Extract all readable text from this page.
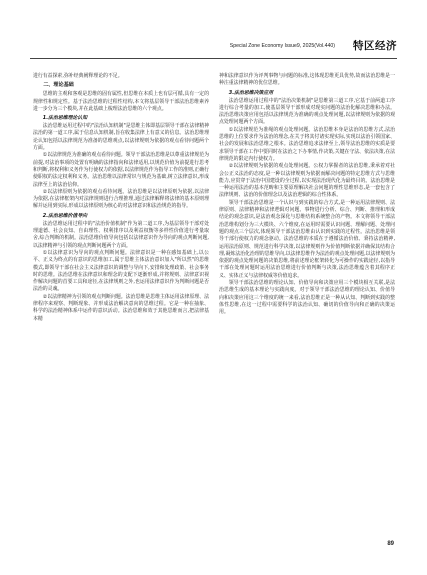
Special Zone Economy Issue9, 2025(Vol.440) 特区经济

进行有益探索,弥补经典阐释理论的不足。

二、理论基础

思维的主观和客观是思维的固有属性,但思维在本质上也有层可循,具有一定的规律性和规定性。基于法治思维的过程性结构,本文将基层领导干部法治思维素养进一步分为三个模块,并在此基础上梳理法治思维的六个观点。

1.法治思维理论认知

法治思维运用过程中的"法治认知机制"是思维主体即基层领导干部在法律精神法治的第一道工序,属于信息认知机制,旨在收集法律上有意义的信息。法治思维理论认知包括以法律规范为准备的思维观点,以法律规则为依据的观点看待问题两个方面。

①以法律规范为准确的观点看待问题。领导干部法治思维是以尊重法律规范为前提,对法治事项的处置有明确的法律指向和法律适用,以规范价值为前提进行思考和判断,将权利和义务作为行使权力的依据,以法律规范作为指导工作的准则,正确行使职权的法定权利和义务。法治思维以法律常识与规范为基础,树立法律意识,形成法律至上的法治信仰。

②以法律原则为依据的观点看待问题。法治思维是以法律原则为依据,以法律为依据,在法律框架内对法律规则进行合理推理,通过法律解释将法律的基本原则理解并运用到实际,形成以法律原则为核心的对法律意识和法治规范的指导。

2.法治思维价值导向

法治思维运用过程中的"法治价值机制"作为第二道工序,为基层领导干部对处理道德、社会良知、自由理性、权利排序以及利益权衡等多样性价值进行考量取舍,综合判断的机制。法治思维价值导向包括以法律意识作为导向的观点判断问题,以法律精神与引领的观点判断问题两个方面。

①以法律意识为导向的观点判断问题。法律意识是一种在感知基础上,以公平、正义为终点的有意识的思维加工,属于思维主体法治意识加入"所以然"的思维模式,即领导干部在社会主义法律意识的调整与导向下,安排和处理政策、社会事务时的思维。法治思维在法律意识和理念的支配下逐渐形成,并将规则、法律意识视作解决问题的首要工具和途径,在法律规则之外,也运用法律意识作为判断问题是否法治的灵魂。

②以法律精神为引领的观点判断问题。法治思维是思维主体运用法律原理、法律程序来观察、判断现象、并形成法治解决意向的思维过程。它是一种在抽象、科学的法治精神体系中运作的意识活动。法治思维和效于其他思维而言,把法律基本精

神和法律意识作为评判事物与问题的标准,这体现思维更具优势,故而法治思维是一种注重法律精神的优位思维。

3.法治思维决策应用

法治思维运用过程中的"法治决策机制"是思维第三道工序,它基于前两道工序进行综合考量的加工,使基层领导干部形成对现实问题的法治化解决思维和办法。法治思维决策应用包括以法律规范为准确的观点处理问题,以法律规则为依据的观点处理问题两个方面。

①以法律规范为准绳的观点处理问题。法治思维本身是法治的思维方式,法治思维的上位要求作为法治的理念,在关于将其付诸实现实际,实现以法治引领国家、社会的发展和法治思维之根本。法治思维追求法律至上,领导法治思维的实质是要求领导干部在工作中要同时在法治之下办事情,作决策,关键在守法、依法决策,在法律规范的限定内行使权力。

②以法律规则为依据的观点处理问题。公权力掌握者的法治思维,秉承着对社会公正义法治的态度,是一种以法律规则为依据而解决问题的特定思维方式与思维能力,应贯穿于法治中国建设的全过程,以实现法治现代化为最终目的。法治思维是一种运用法治的基本范畴和主要原理解决社会问题的理性思维形态,是一套包含了法律规则、法治的价值理念以及法治逻辑的综合性体系。

领导干部法治思维是一个认识与到实践的综合方式,是一种运用法律规则、法律原则、法律精神和法律逻辑对问题、事物进行分析、综合、判断、推理和形成结论的观念意识,是法治观念深化与思维结构系统整合的产物。本文将领导干部法治思维构划分为三大模块、六个维度,在运用时需要认识问题、理解问题、处理问题的观点三个层次,体现领导干部法治思维由认识到实践的过程性。法治思维是领导干部行使权力的观念驱动。法治思维的本质在于遵循法治价值、秉持法治精神,运用法治原则、规范进行科学决策,以法律规则作为价值判断依据并确保其结构合理,凝炼法治化治理的思维导向,以法律思维作为法治的观点处理问题,以法律规则为依据的观点处理问题的决策思维,将前述理论框架转化为可操作的实践途径,以指导干部在处理问题时运用法治思维进行价值判断与决策,法治思维蕴含着其程序正义、实体正义与法律权威等价值追求。

领导干部法治思维的理论认知、价值导向和决策应用三个模块相互关联,是法治思维生成的基本理论与实践向度。对于领导干部法治思维的理论认知、价值导向和决策应用这三个维度的统一来看,法治思维正是一种从认知、判断到实践的整体性思维,在这一过程中需要科学的法治认知、确切的价值导向和正确的决策运用。

89
